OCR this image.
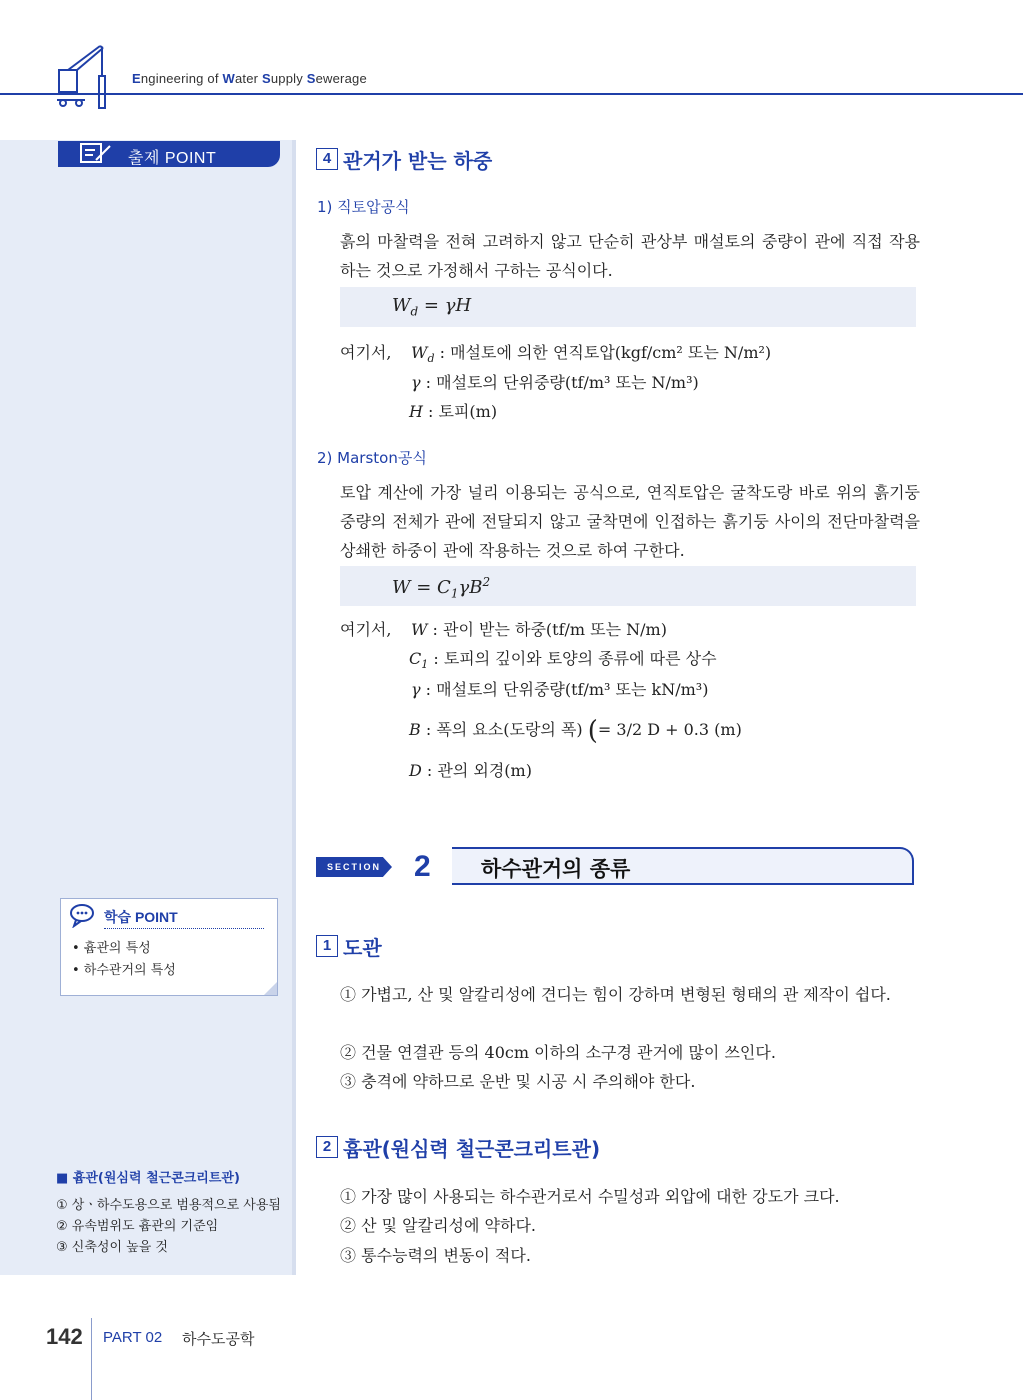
Engineering of Water Supply Sewerage
출제 POINT
학습 POINT
• 흄관의 특성
• 하수관거의 특성
■ 흄관(원심력 철근콘크리트관)
① 상ㆍ하수도용으로 범용적으로 사용됨
② 유속범위도 흄관의 기준임
③ 신축성이 높을 것
4 관거가 받는 하중
1) 직토압공식
흙의 마찰력을 전혀 고려하지 않고 단순히 관상부 매설토의 중량이 관에 직접 작용하는 것으로 가정해서 구하는 공식이다.
$W_d = \gamma H$
여기서, $W_d$ : 매설토에 의한 연직토압(kgf/cm² 또는 N/m²)
γ : 매설토의 단위중량(tf/m³ 또는 N/m³)
H : 토피(m)
2) Marston공식
토압 계산에 가장 널리 이용되는 공식으로, 연직토압은 굴착도랑 바로 위의 흙기둥중량의 전체가 관에 전달되지 않고 굴착면에 인접하는 흙기둥 사이의 전단마찰력을 상쇄한 하중이 관에 작용하는 것으로 하여 구한다.
$W = C_1\gamma B^2$
여기서, W : 관이 받는 하중(tf/m 또는 N/m)
$C_1$ : 토피의 깊이와 토양의 종류에 따른 상수
γ : 매설토의 단위중량(tf/m³ 또는 kN/m³)
B : 폭의 요소(도랑의 폭) (= 3/2 D + 0.3 (m)
D : 관의 외경(m)
SECTION 2 하수관거의 종류
1 도관
① 가볍고, 산 및 알칼리성에 견디는 힘이 강하며 변형된 형태의 관 제작이 쉽다.
② 건물 연결관 등의 40cm 이하의 소구경 관거에 많이 쓰인다.
③ 충격에 약하므로 운반 및 시공 시 주의해야 한다.
2 흄관(원심력 철근콘크리트관)
① 가장 많이 사용되는 하수관거로서 수밀성과 외압에 대한 강도가 크다.
② 산 및 알칼리성에 약하다.
③ 통수능력의 변동이 적다.
142 PART 02 하수도공학
